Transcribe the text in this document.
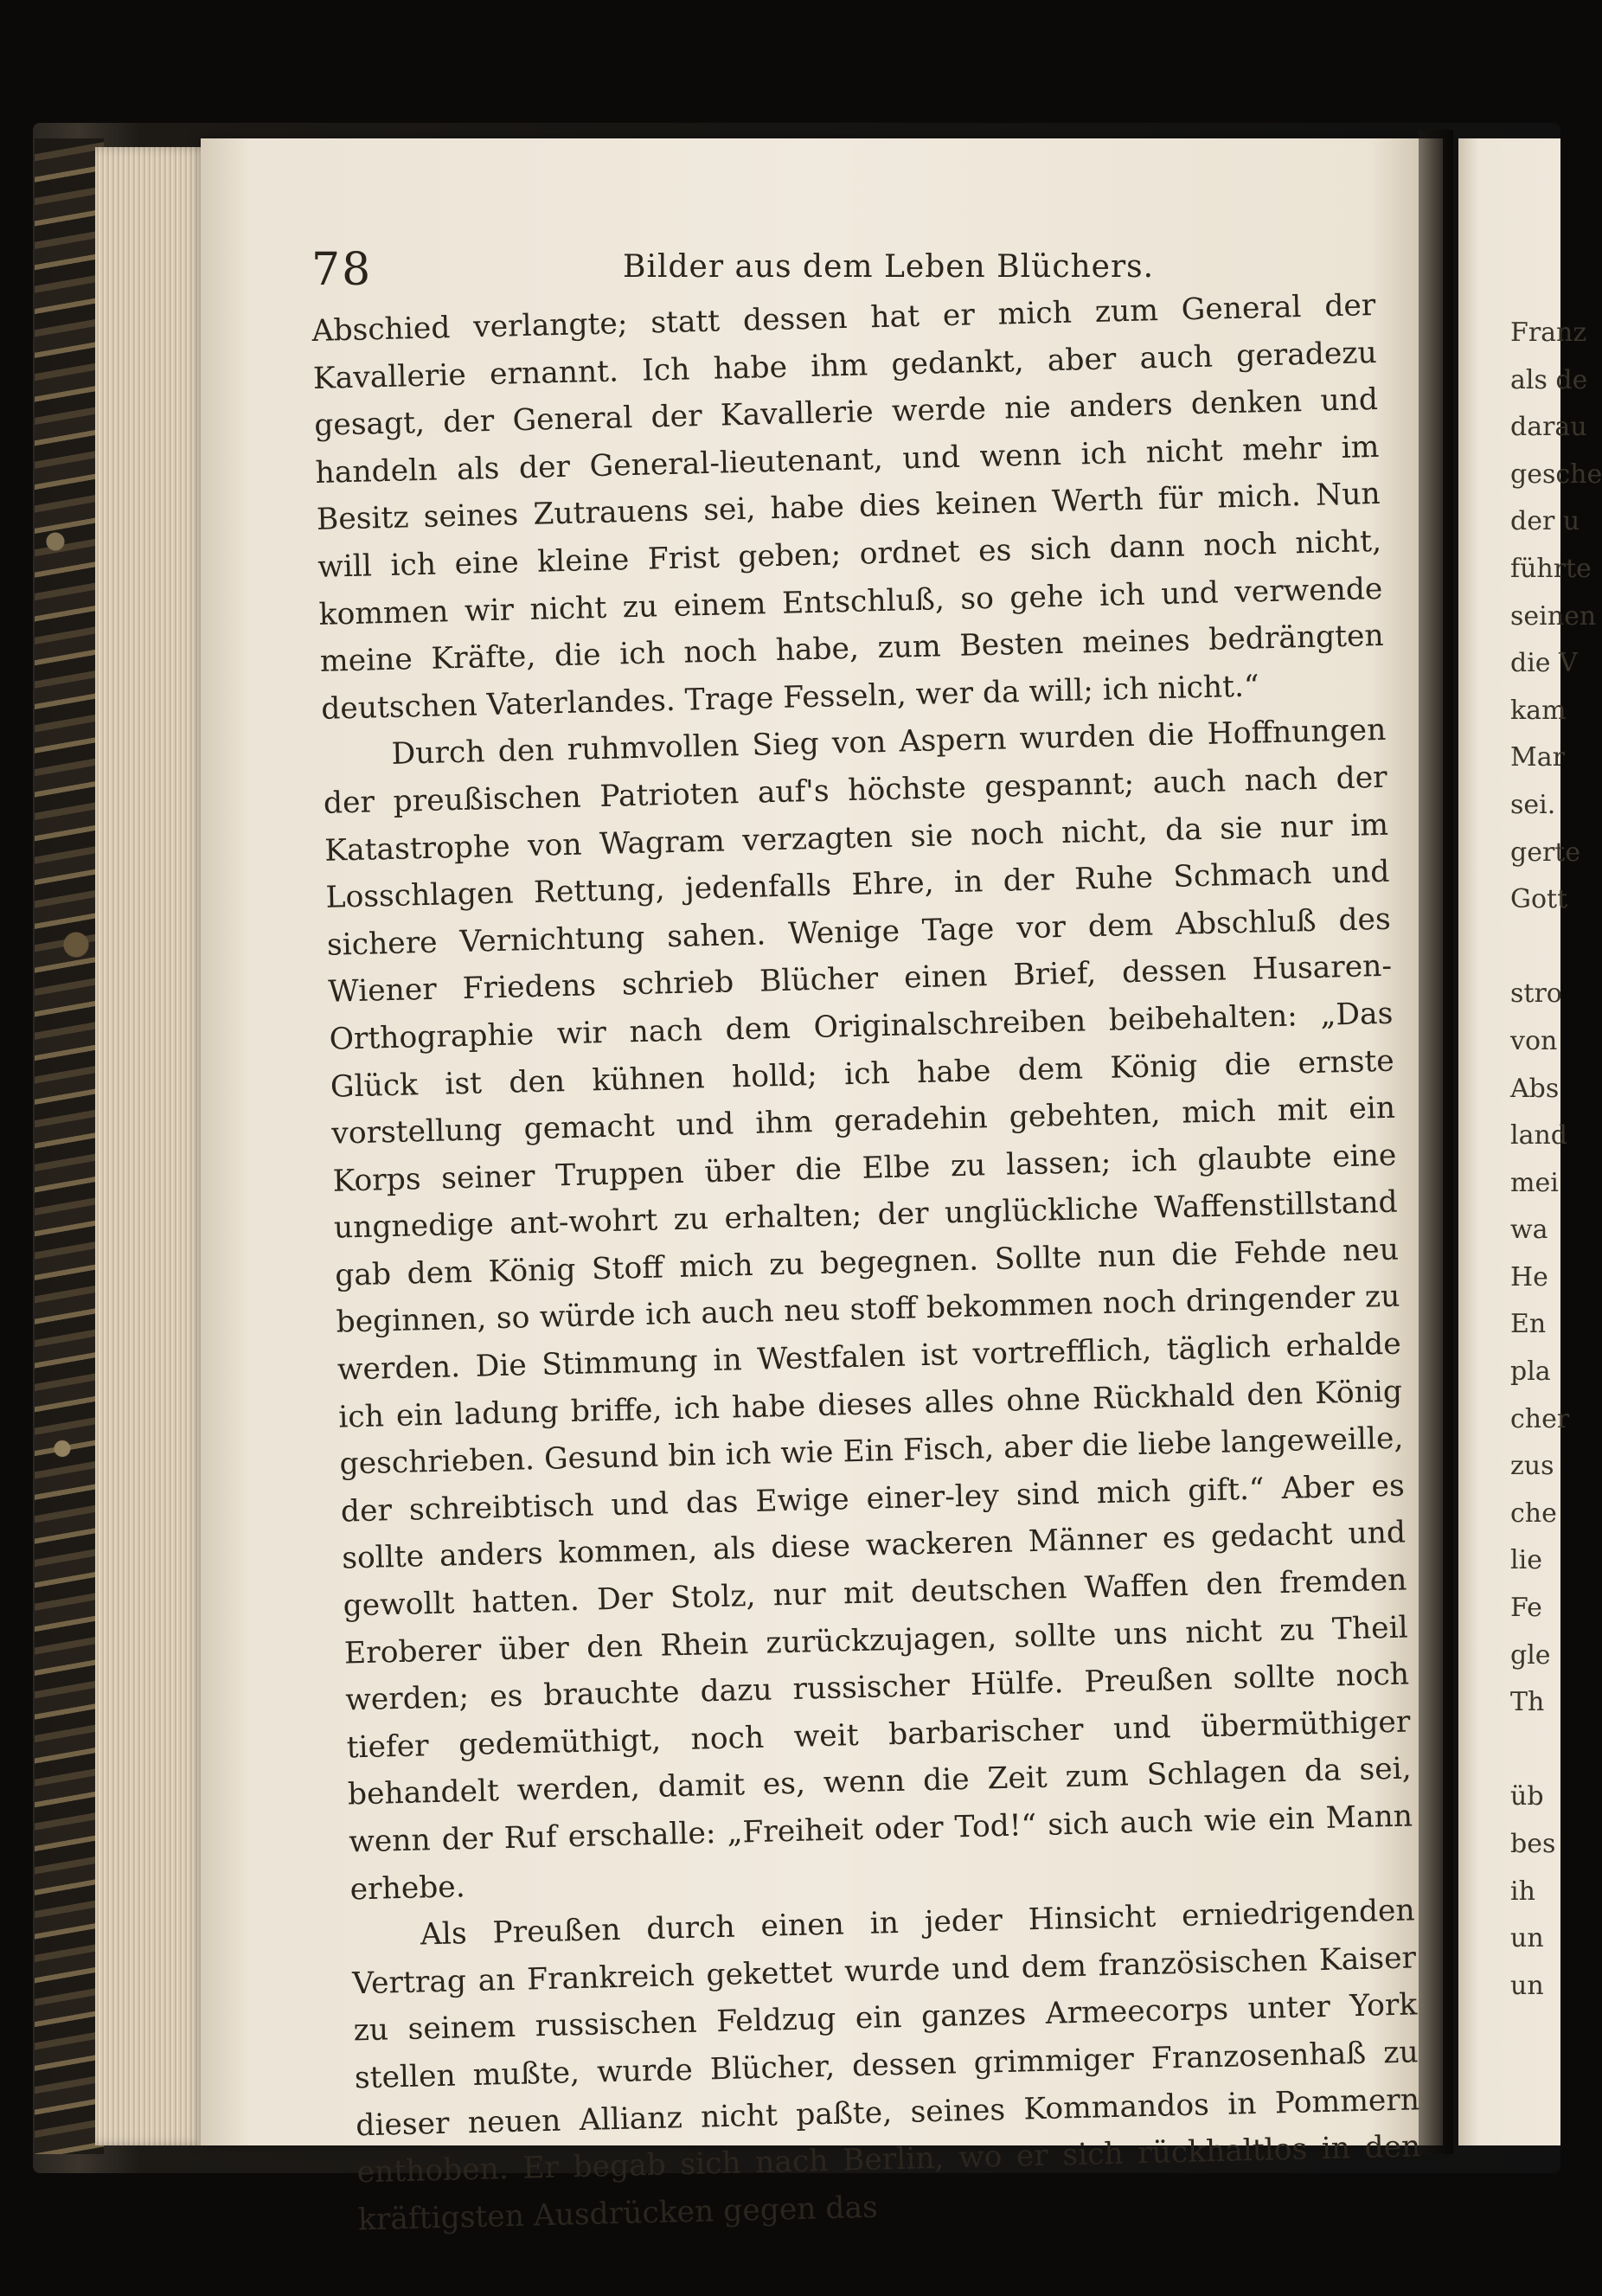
78	Bilder aus dem Leben Blüchers.

Abschied verlangte; statt dessen hat er mich zum General der Kavallerie ernannt. Ich habe ihm gedankt, aber auch geradezu gesagt, der General der Kavallerie werde nie anders denken und handeln als der General-lieutenant, und wenn ich nicht mehr im Besitz seines Zutrauens sei, habe dies keinen Werth für mich. Nun will ich eine kleine Frist geben; ordnet es sich dann noch nicht, kommen wir nicht zu einem Entschluß, so gehe ich und verwende meine Kräfte, die ich noch habe, zum Besten meines bedrängten deutschen Vaterlandes. Trage Fesseln, wer da will; ich nicht.“

Durch den ruhmvollen Sieg von Aspern wurden die Hoffnungen der preußischen Patrioten auf's höchste gespannt; auch nach der Katastrophe von Wagram verzagten sie noch nicht, da sie nur im Losschlagen Rettung, jedenfalls Ehre, in der Ruhe Schmach und sichere Vernichtung sahen. Wenige Tage vor dem Abschluß des Wiener Friedens schrieb Blücher einen Brief, dessen Husaren-Orthographie wir nach dem Originalschreiben beibehalten: „Das Glück ist den kühnen holld; ich habe dem König die ernste vorstellung gemacht und ihm geradehin gebehten, mich mit ein Korps seiner Truppen über die Elbe zu lassen; ich glaubte eine ungnedige ant-wohrt zu erhalten; der unglückliche Waffenstillstand gab dem König Stoff mich zu begegnen. Sollte nun die Fehde neu beginnen, so würde ich auch neu stoff bekommen noch dringender zu werden. Die Stimmung in Westfalen ist vortrefflich, täglich erhalde ich ein ladung briffe, ich habe dieses alles ohne Rückhald den König geschrieben. Gesund bin ich wie Ein Fisch, aber die liebe langeweille, der schreibtisch und das Ewige einer-ley sind mich gift.“ Aber es sollte anders kommen, als diese wackeren Männer es gedacht und gewollt hatten. Der Stolz, nur mit deutschen Waffen den fremden Eroberer über den Rhein zurückzujagen, sollte uns nicht zu Theil werden; es brauchte dazu russischer Hülfe. Preußen sollte noch tiefer gedemüthigt, noch weit barbarischer und übermüthiger behandelt werden, damit es, wenn die Zeit zum Schlagen da sei, wenn der Ruf erschalle: „Freiheit oder Tod!“ sich auch wie ein Mann erhebe.

Als Preußen durch einen in jeder Hinsicht erniedrigenden Vertrag an Frankreich gekettet wurde und dem französischen Kaiser zu seinem russischen Feldzug ein ganzes Armeecorps unter York stellen mußte, wurde Blücher, dessen grimmiger Franzosenhaß zu dieser neuen Allianz nicht paßte, seines Kommandos in Pommern enthoben. Er begab sich nach Berlin, wo er sich rückhaltlos in den kräftigsten Ausdrücken gegen das

Franz
als de
darau
gesche
der u
führte
seinen
die V
kam
Mar
sei.
gerte
Gott
stro
von
Abs
land
mei
wa
He
En
pla
cher
zus
che
lie
Fe
gle
Th
üb
bes
ih
un
un
